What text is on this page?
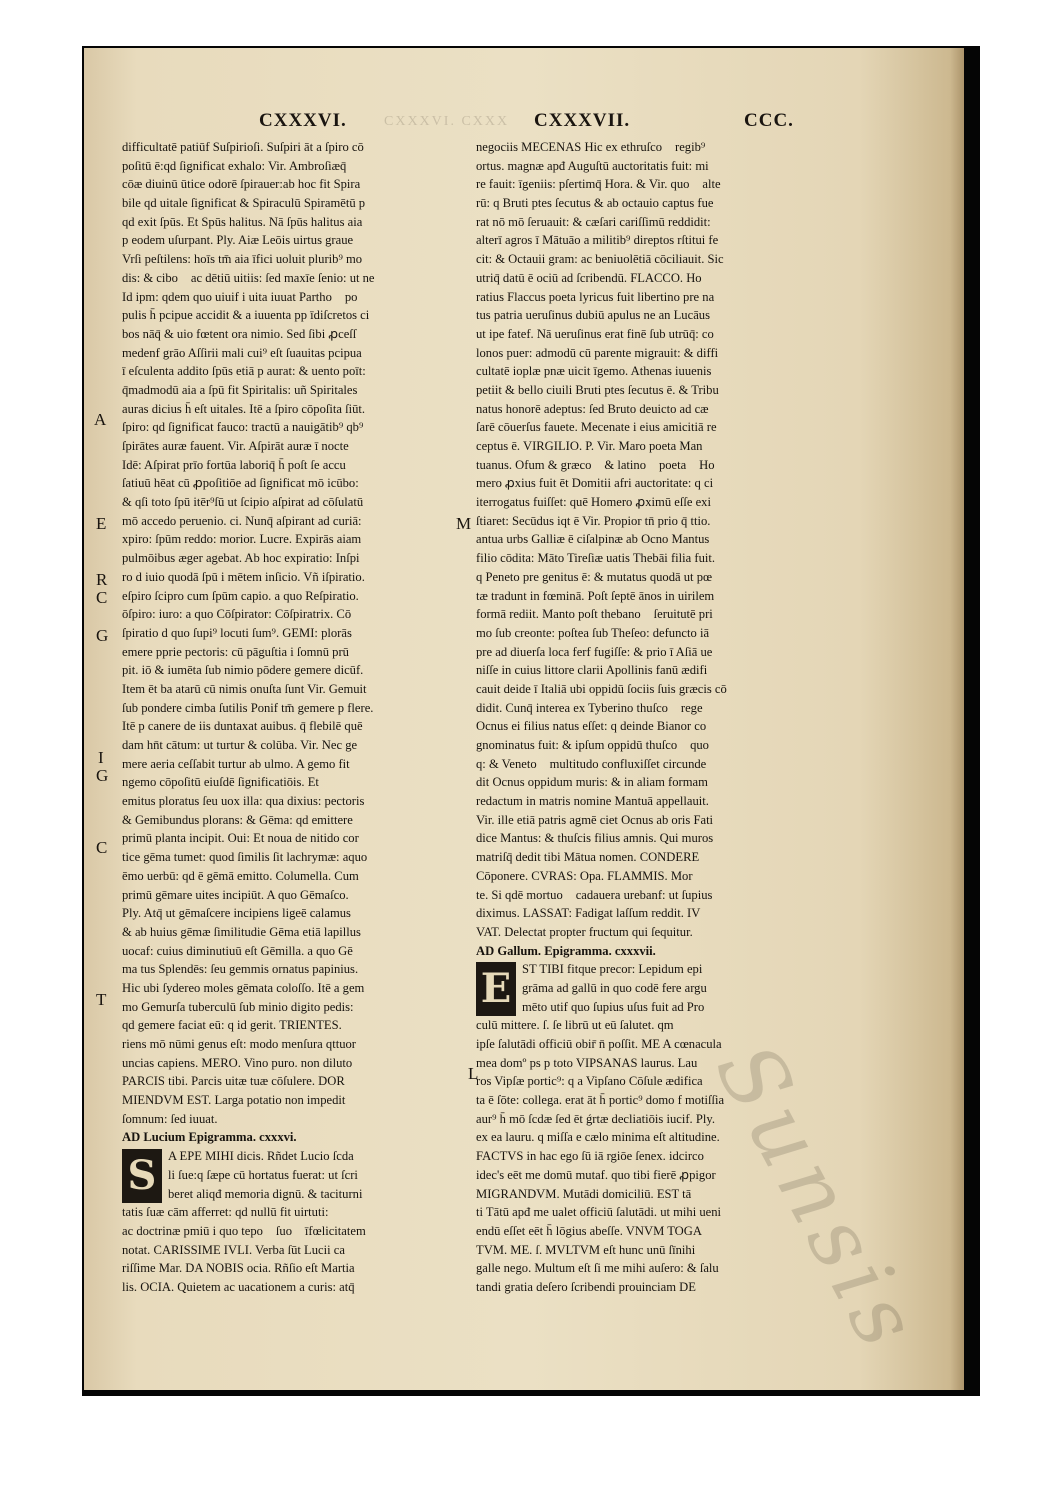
CXXXVI. CXXX
CXXXVI.	CXXXVII.	CCC.
difficultatē patiūf Suſpirioſi. Suſpiri āt a ſpiro cō
poſitū ē:qd ſignificat exhalo: Vir. Ambroſiæq̄
cōæ diuinū ūtice odorē ſpirauer:ab hoc fit Spira
bile qd uitale ſignificat & Spiraculū Spiramētū p
qd exit ſpūs. Et Spūs halitus. Nā ſpūs halitus aia
p eodem uſurpant. Ply. Aiæ Leōis uirtus graue
Vrſi peſtilens: hoīs tm̄ aia īfici uoluit plurib⁹ mo
dis: & cibo᷑ ac dētiū uitiis: ſed maxīe ſenio: ut ne
Id ipm: qdem quo uiuif i uita iuuat Partho᷑ po
pulis h̄ pcipue accidit & a iuuenta pp īdiſcretos ci
bos nāq̄ & uio fœtent ora nimio. Sed ſibi ꝓceſſ
medenf grāo Aſſirii mali cui⁹ eſt ſuauitas pcipua
ī eſculenta addito ſpūs etiā p aurat: & uento poīt:
q̄madmodū aia a ſpū fit Spiritalis: uñ Spiritales
auras dicius h̄ eſt uitales. Itē a ſpiro cōpoſita ſiūt.
ſpiro: qd ſignificat fauco: tractū a nauigātib⁹ qb⁹
ſpirātes auræ fauent. Vir. Aſpirāt auræ ī nocte
Idē: Aſpirat prīo fortūa laboriq̄ h̄ poſt ſe accu
ſatiuū hēat cū ꝓpoſitiōe ad ſignificat mō icūbo:
& qſi toto ſpū itēr⁹ſū ut ſcipio aſpirat ad cōſulatū
mō accedo peruenio. ci. Nunq̄ aſpirant ad curiā:
xpiro: ſpūm reddo: morior. Lucre. Expirās aiam
pulmōibus æger agebat. Ab hoc expiratio: Inſpi
ro d iuio quodā ſpū i mētem inſicio. Vñ iſpiratio.
eſpiro ſcipro cum ſpūm capio. a quo Reſpiratio.
ōſpiro: iuro: a quo Cōſpirator: Cōſpiratrix. Cō
ſpiratio d quo ſupi⁹ locuti ſum⁹. GEMI: plorās
emere pprie pectoris: cū pāguſtia i ſomnū prū
pit. iō & iumēta ſub nimio pōdere gemere dicūf.
Item ēt ba atarū cū nimis onuſta ſunt Vir. Gemuit
ſub pondere cimba ſutilis Ponif tm̄ gemere p flere.
Itē p canere de iis duntaxat auibus. q̄ flebilē quē
dam hn̄t cātum: ut turtur & colūba. Vir. Nec ge
mere aeria ceſſabit turtur ab ulmo. A gemo fit
ngemo cōpoſitū eiuſdē ſignificatiōis. Et
emitus ploratus ſeu uox illa: qua dixius: pectoris
& Gemibundus plorans: & Gēma: qd emittere
primū planta incipit. Oui: Et noua de nitido cor
tice gēma tumet: quod ſimilis ſit lachrymæ: aquo
ēmo uerbū: qd ē gēmā emitto. Columella. Cum
primū gēmare uites incipiūt. A quo Gēmaſco.
Ply. Atq̄ ut gēmaſcere incipiens ligeē calamus
& ab huius gēmæ ſimilitudie Gēma etiā lapillus
uocaf: cuius diminutiuū eſt Gēmilla. a quo Gē
ma tus Splendēs: ſeu gemmis ornatus papinius.
Hic ubi ſydereo moles gēmata coloſſo. Itē a gem
mo Gemurſa tuberculū ſub minio digito pedis:
qd gemere faciat eū: q id gerit. TRIENTES.
riens mō nūmi genus eſt: modo menſura qttuor
uncias capiens. MERO. Vino puro. non diluto
PARCIS tibi. Parcis uitæ tuæ cōſulere. DOR
MIENDVM EST. Larga potatio non impedit
ſomnum: ſed iuuat.
AD Lucium Epigramma. cxxxvi.
S A EPE MIHI dicis. Rñdet Lucio ſcda
li ſue:q ſæpe cū hortatus fuerat: ut ſcri
beret aliqđ memoria dignū. & taciturni
tatis ſuæ cām afferret: qd nullū fit uirtuti:
ac doctrinæ pmiū i quo tepo᷑ ſuo᷑ īfœlicitatem
notat. CARISSIME IVLI. Verba ſūt Lucii ca
riſſime Mar. DA NOBIS ocia. Rñſio eſt Martia
lis. OCIA. Quietem ac uacationem a curis: atq̄
negociis MECENAS Hic ex ethruſco᷑ regib⁹
ortus. magnæ apđ Auguſtū auctoritatis fuit: mi
re fauit: īgeniis: pſertimq̄ Hora. & Vir. quo᷑ alte
rū: q Bruti ptes ſecutus & ab octauio captus fue
rat nō mō ſeruauit: & cæſari cariſſimū reddidit:
alterī agros ī Mātuāo a militib⁹ direptos rſtitui fe
cit: & Octauii gram: ac beniuolētiā cōciliauit. Sic
utriq̄ datū ē ociū ad ſcribendū. FLACCO. Ho
ratius Flaccus poeta lyricus fuit libertino pre na
tus patria ueruſinus dubiū apulus ne an Lucāus
ut ipe fatef. Nā ueruſinus erat finē ſub utrūq̄: co
lonos puer: admodū cū parente migrauit: & diffi
cultatē ioplæ pnæ uicit īgemo. Athenas iuuenis
petiit & bello ciuili Bruti ptes ſecutus ē. & Tribu
natus honorē adeptus: ſed Bruto deuicto ad cæ
ſarē cōuerſus fauete. Mecenate i eius amicitiā re
ceptus ē. VIRGILIO. P. Vir. Maro poeta Man
tuanus. Ofum & græco᷑ & latino᷑ poeta᷑ Ho
mero ꝓxius fuit ēt Domitii afri auctoritate: q ci
iterrogatus fuiſſet: quē Homero ꝓximū eſſe exi
ſtiaret: Secūdus iqt ē Vir. Propior tn̄ prio q̄ ttio.
antua urbs Galliæ ē ciſalpinæ ab Ocno Mantus
filio cōdita: Māto Tireſiæ uatis Thebāi filia fuit.
q Peneto pre genitus ē: & mutatus quodā ut pœ
tæ tradunt in fœminā. Poſt ſeptē ānos in uirilem
formā rediit. Manto poſt thebano᷑ ſeruitutē pri
mo ſub creonte: poſtea ſub Theſeo: defuncto iā
pre ad diuerſa loca ferf fugiſſe: & prio ī Aſiā ue
niſſe in cuius littore clarii Apollinis fanū ædifi
cauit deide ī Italiā ubi oppidū ſociis ſuis græcis cō
didit. Cunq̄ interea ex Tyberino thuſco᷑ rege
Ocnus ei filius natus eſſet: q deinde Bianor co
gnominatus fuit: & ipſum oppidū thuſco᷑ quo
q: & Veneto᷑ multitudo confluxiſſet circunde
dit Ocnus oppidum muris: & in aliam formam
redactum in matris nomine Mantuā appellauit.
Vir. ille etiā patris agmē ciet Ocnus ab oris Fati
dice Mantus: & thuſcis filius amnis. Qui muros
matriſq̄ dedit tibi Mātua nomen. CONDERE
Cōponere. CVRAS: Opa. FLAMMIS. Mor
te. Si qdē mortuo᷑ cadauera urebanf: ut ſupius
diximus. LASSAT: Fadigat laſſum reddit. IV
VAT. Delectat propter fructum qui ſequitur.
AD Gallum. Epigramma. cxxxvii.
E ST TIBI fitque precor: Lepidum epi
grāma ad gallū in quo codē fere argu
mēto utif quo ſupius uſus fuit ad Pro
culū mittere. ſ. ſe librū ut eū ſalutet. qm
ipſe ſalutādi officiū obir̄ n̄ poſſit. ME A cœnacula
mea domº ps p toto VIPSANAS laurus. Lau
ros Vipſæ portic⁹: q a Vipſano Cōſule ædifica
ta ē ſōte: collega. erat āt h̄ portic⁹ domo f motiſſia
aur⁹ h̄ mō ſcdæ ſed ēt ǵrtæ decliatiōis iucif. Ply.
ex ea lauru. q miſſa e cælo minima eſt altitudine.
FACTVS in hac ego ſū iā rgiōe ſenex. idcirco
idec's eēt me domū mutaf. quo tibi fierē ꝓpigor
MIGRANDVM. Mutādi domiciliū. EST tā
ti Tātū apđ me ualet officiū ſalutādi. ut mihi ueni
endū eſſet eēt h̄ lōgius abeſſe. VNVM TOGA
TVM. ME. ſ. MVLTVM eſt hunc unū ſīnihi
galle nego. Multum eſt ſi me mihi auſero: & ſalu
tandi gratia deſero ſcribendi prouinciam DE
A
E	M
R
C
G
I
G
C
T
L	Sunsis
